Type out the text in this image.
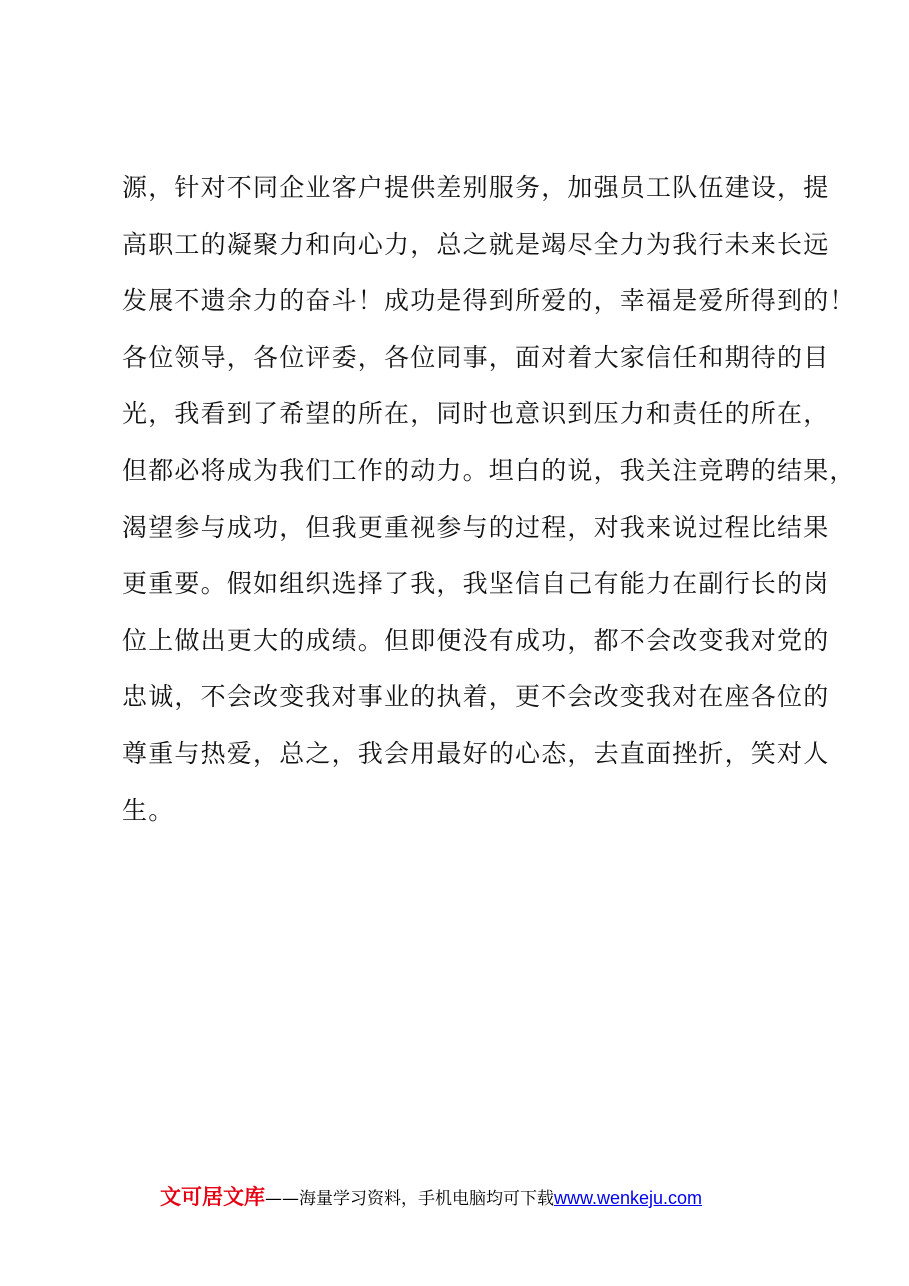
源，针对不同企业客户提供差别服务，加强员工队伍建设，提
高职工的凝聚力和向心力，总之就是竭尽全力为我行未来长远
发展不遗余力的奋斗！成功是得到所爱的，幸福是爱所得到的！
各位领导，各位评委，各位同事，面对着大家信任和期待的目
光，我看到了希望的所在，同时也意识到压力和责任的所在，
但都必将成为我们工作的动力。坦白的说，我关注竞聘的结果，
渴望参与成功，但我更重视参与的过程，对我来说过程比结果
更重要。假如组织选择了我，我坚信自己有能力在副行长的岗
位上做出更大的成绩。但即便没有成功，都不会改变我对党的
忠诚，不会改变我对事业的执着，更不会改变我对在座各位的
尊重与热爱，总之，我会用最好的心态，去直面挫折，笑对人
生。
文可居文库——海量学习资料，手机电脑均可下载www.wenkeju.com
